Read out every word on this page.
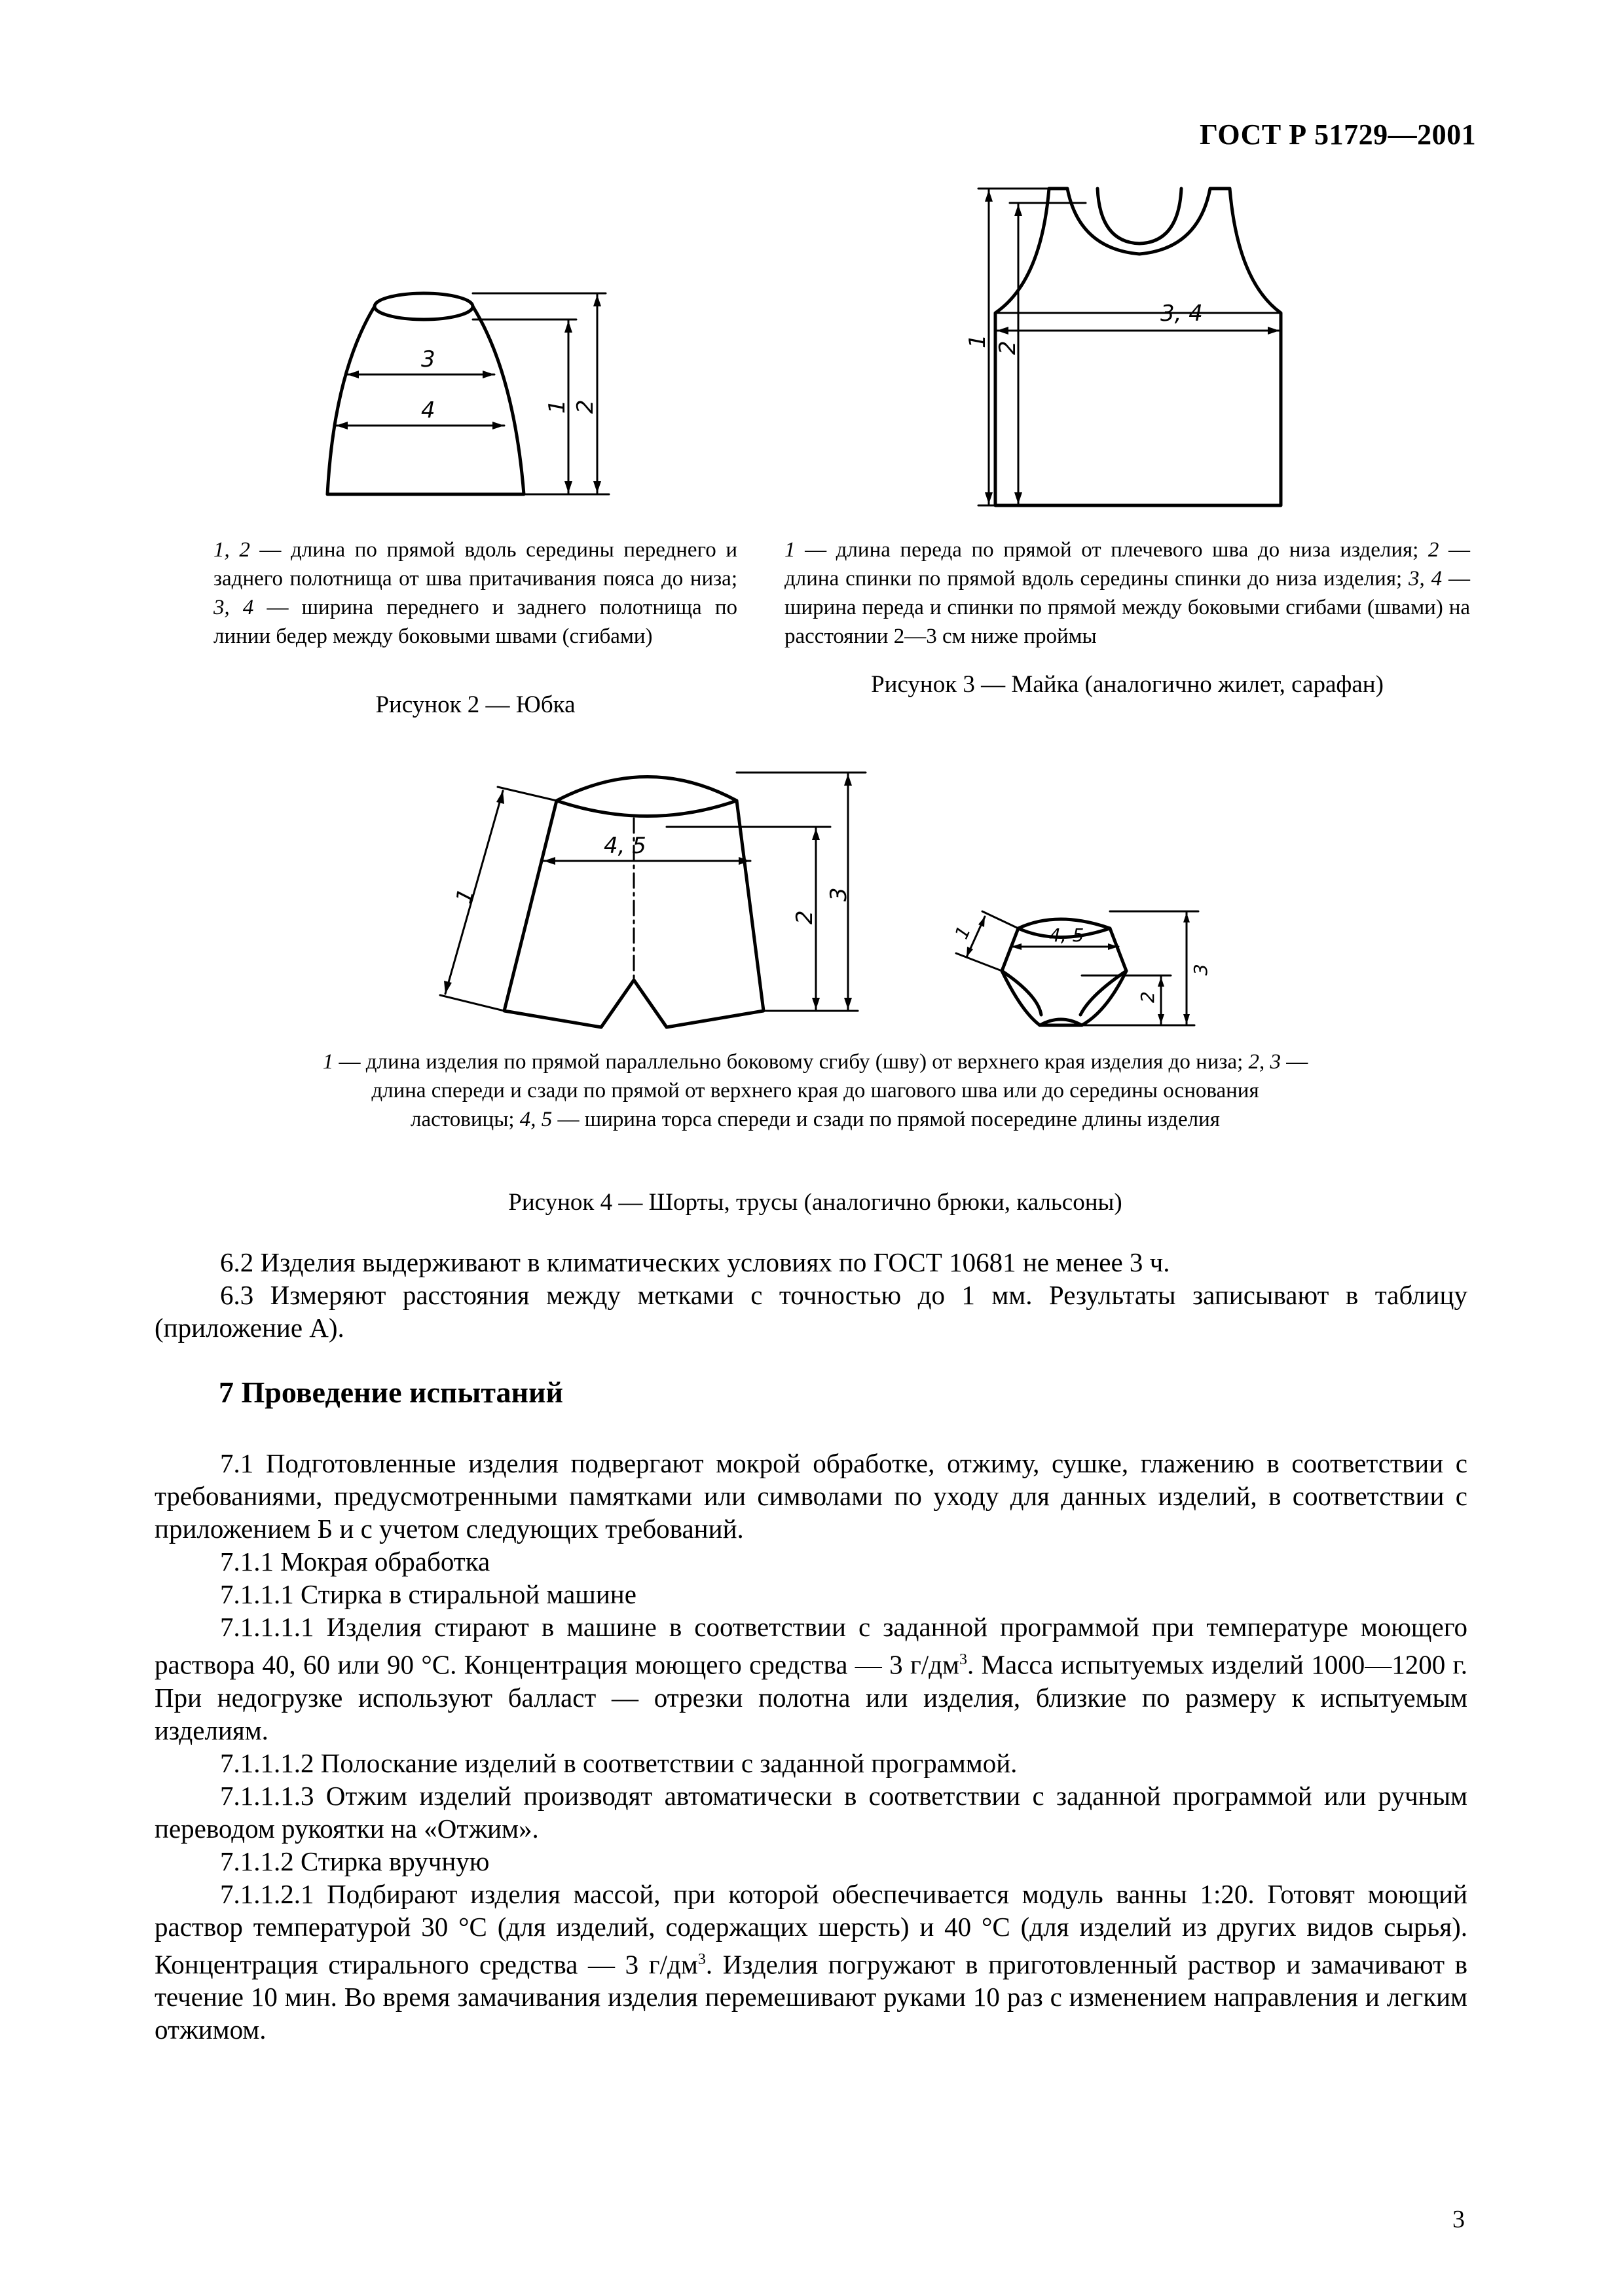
ГОСТ Р 51729—2001
3
4	1 2
1, 2 — длина по прямой вдоль середины переднего и заднего полотнища от шва притачивания пояса до низа; 3, 4 — ширина переднего и заднего полотнища по линии бедер между боковыми швами (сгибами)
Рисунок 2 — Юбка
3, 4
1 2
1 — длина переда по прямой от плечевого шва до низа изделия; 2 — длина спинки по прямой вдоль середины спинки до низа изделия; 3, 4 — ширина переда и спинки по прямой между боковыми сгибами (швами) на расстоянии 2—3 см ниже проймы
Рисунок 3 — Майка (аналогично жилет, сарафан)
4, 5
2
3
1
4, 5
2
3
1
1 — длина изделия по прямой параллельно боковому сгибу (шву) от верхнего края изделия до низа; 2, 3 — длина спереди и сзади по прямой от верхнего края до шагового шва или до середины основания ластовицы; 4, 5 — ширина торса спереди и сзади по прямой посередине длины изделия
Рисунок 4 — Шорты, трусы (аналогично брюки, кальсоны)

6.2 Изделия выдерживают в климатических условиях по ГОСТ 10681 не менее 3 ч.

6.3 Измеряют расстояния между метками с точностью до 1 мм. Результаты записывают в таблицу (приложение А).

7 Проведение испытаний

7.1 Подготовленные изделия подвергают мокрой обработке, отжиму, сушке, глажению в соответствии с требованиями, предусмотренными памятками или символами по уходу для данных изделий, в соответствии с приложением Б и с учетом следующих требований.

7.1.1 Мокрая обработка

7.1.1.1 Стирка в стиральной машине

7.1.1.1.1 Изделия стирают в машине в соответствии с заданной программой при температуре моющего раствора 40, 60 или 90 °С. Концентрация моющего средства — 3 $г/дм^3$. Масса испытуемых изделий 1000—1200 г. При недогрузке используют балласт — отрезки полотна или изделия, близкие по размеру к испытуемым изделиям.

7.1.1.1.2 Полоскание изделий в соответствии с заданной программой.

7.1.1.1.3 Отжим изделий производят автоматически в соответствии с заданной программой или ручным переводом рукоятки на «Отжим».

7.1.1.2 Стирка вручную

7.1.1.2.1 Подбирают изделия массой, при которой обеспечивается модуль ванны 1:20. Готовят моющий раствор температурой 30 °С (для изделий, содержащих шерсть) и 40 °С (для изделий из других видов сырья). Концентрация стирального средства — 3 $г/дм^3$. Изделия погружают в приготовленный раствор и замачивают в течение 10 мин. Во время замачивания изделия перемешивают руками 10 раз с изменением направления и легким отжимом.

3
